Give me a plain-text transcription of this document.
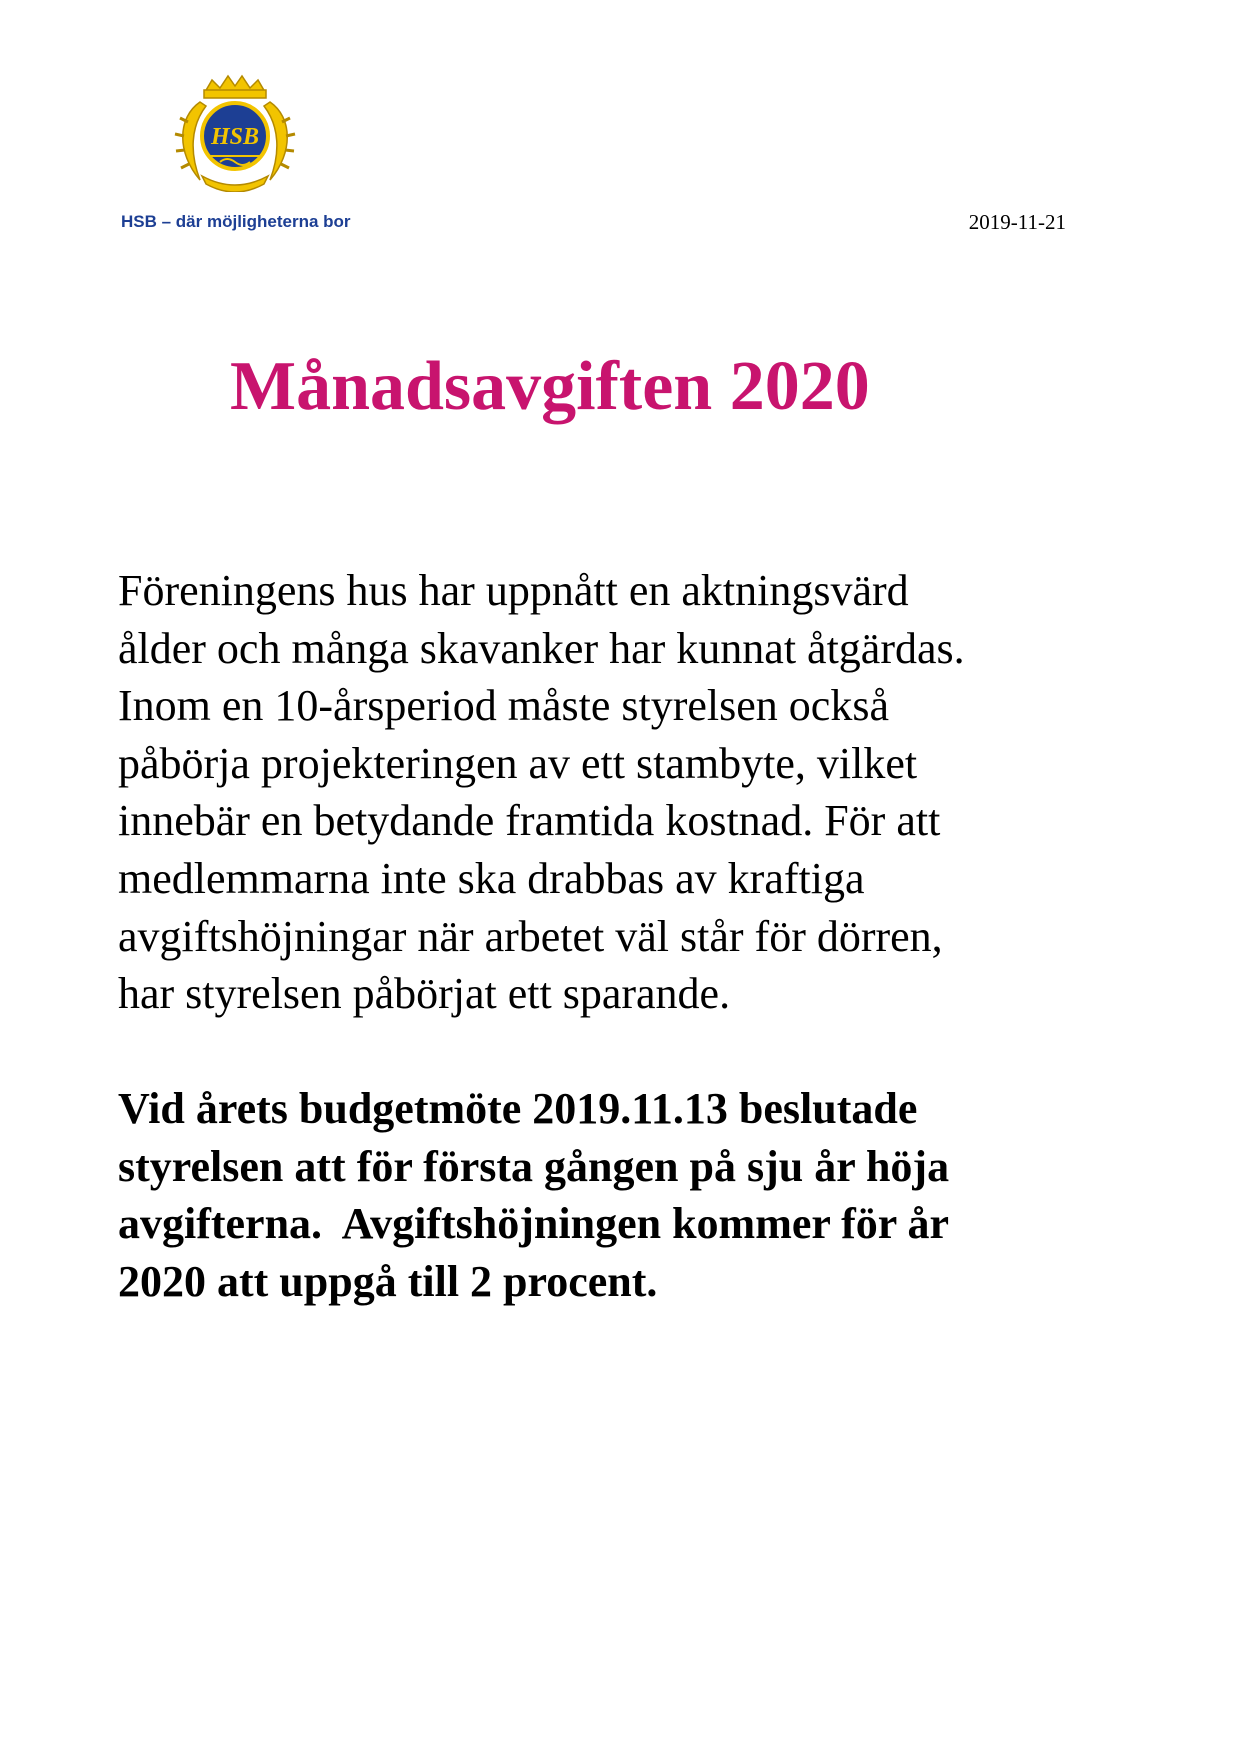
HSB
HSB – där möjligheterna bor	2019-11-21
Månadsavgiften 2020
Föreningens hus har uppnått en aktningsvärd
ålder och många skavanker har kunnat åtgärdas.
Inom en 10-årsperiod måste styrelsen också
påbörja projekteringen av ett stambyte, vilket
innebär en betydande framtida kostnad. För att
medlemmarna inte ska drabbas av kraftiga
avgiftshöjningar när arbetet väl står för dörren,
har styrelsen påbörjat ett sparande.
Vid årets budgetmöte 2019.11.13 beslutade
styrelsen att för första gången på sju år höja
avgifterna.  Avgiftshöjningen kommer för år
2020 att uppgå till 2 procent.
